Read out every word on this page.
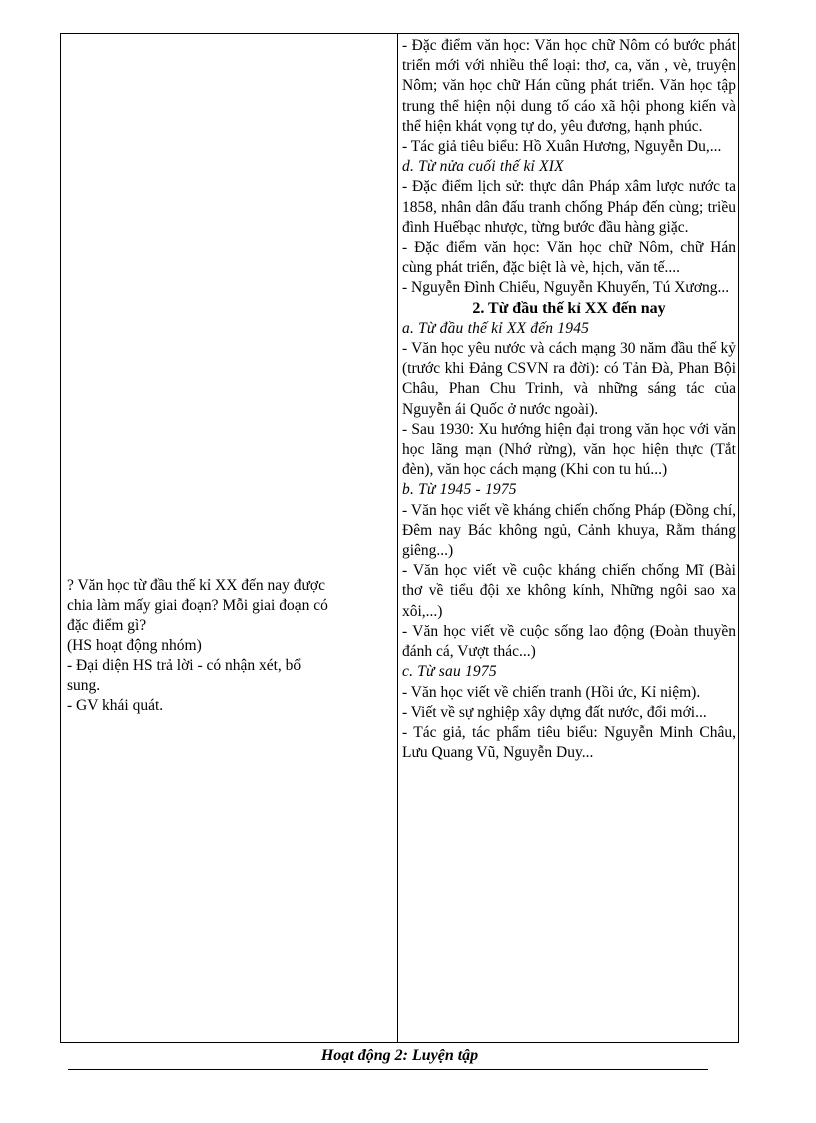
? Văn học từ đầu thế kỉ XX đến nay được
chia làm mấy giai đoạn? Mỗi giai đoạn có
đặc điểm gì?
(HS hoạt động nhóm)
- Đại diện HS trả lời - có nhận xét, bổ
sung.
- GV khái quát.
- Đặc điểm văn học: Văn học chữ Nôm có bước phát triển mới với nhiều thể loại: thơ, ca, văn , vè, truyện Nôm; văn học chữ Hán cũng phát triển. Văn học tập trung thể hiện nội dung tố cáo xã hội phong kiến và thể hiện khát vọng tự do, yêu đương, hạnh phúc.
- Tác giả tiêu biểu: Hồ Xuân Hương, Nguyễn Du,...
d. Từ nửa cuối thế kỉ XIX
- Đặc điểm lịch sử: thực dân Pháp xâm lược nước ta 1858, nhân dân đấu tranh chống Pháp đến cùng; triều đình Huếbạc nhược, từng bước đầu hàng giặc.
- Đặc điểm văn học: Văn học chữ Nôm, chữ Hán cùng phát triển, đặc biệt là vè, hịch, văn tế....
- Nguyễn Đình Chiểu, Nguyễn Khuyến, Tú Xương...
2. Từ đầu thế kỉ XX đến nay
a. Từ đầu thế kỉ XX đến 1945
- Văn học yêu nước và cách mạng 30 năm đầu thế kỷ (trước khi Đảng CSVN ra đời): có Tản Đà, Phan Bội Châu, Phan Chu Trinh, và những sáng tác của Nguyễn ái Quốc ở nước ngoài).
- Sau 1930: Xu hướng hiện đại trong văn học với văn học lãng mạn (Nhớ rừng), văn học hiện thực (Tắt đèn), văn học cách mạng (Khi con tu hú...)
b. Từ 1945 - 1975
- Văn học viết về kháng chiến chống Pháp (Đồng chí, Đêm nay Bác không ngủ, Cảnh khuya, Rằm tháng giêng...)
- Văn học viết về cuộc kháng chiến chống Mĩ (Bài thơ về tiểu đội xe không kính, Những ngôi sao xa xôi,...)
- Văn học viết về cuộc sống lao động (Đoàn thuyền đánh cá, Vượt thác...)
c. Từ sau 1975
- Văn học viết về chiến tranh (Hồi ức, Kỉ niệm).
- Viết về sự nghiệp xây dựng đất nước, đổi mới...
- Tác giả, tác phẩm tiêu biểu: Nguyễn Minh Châu, Lưu Quang Vũ, Nguyễn Duy...
Hoạt động 2: Luyện tập
